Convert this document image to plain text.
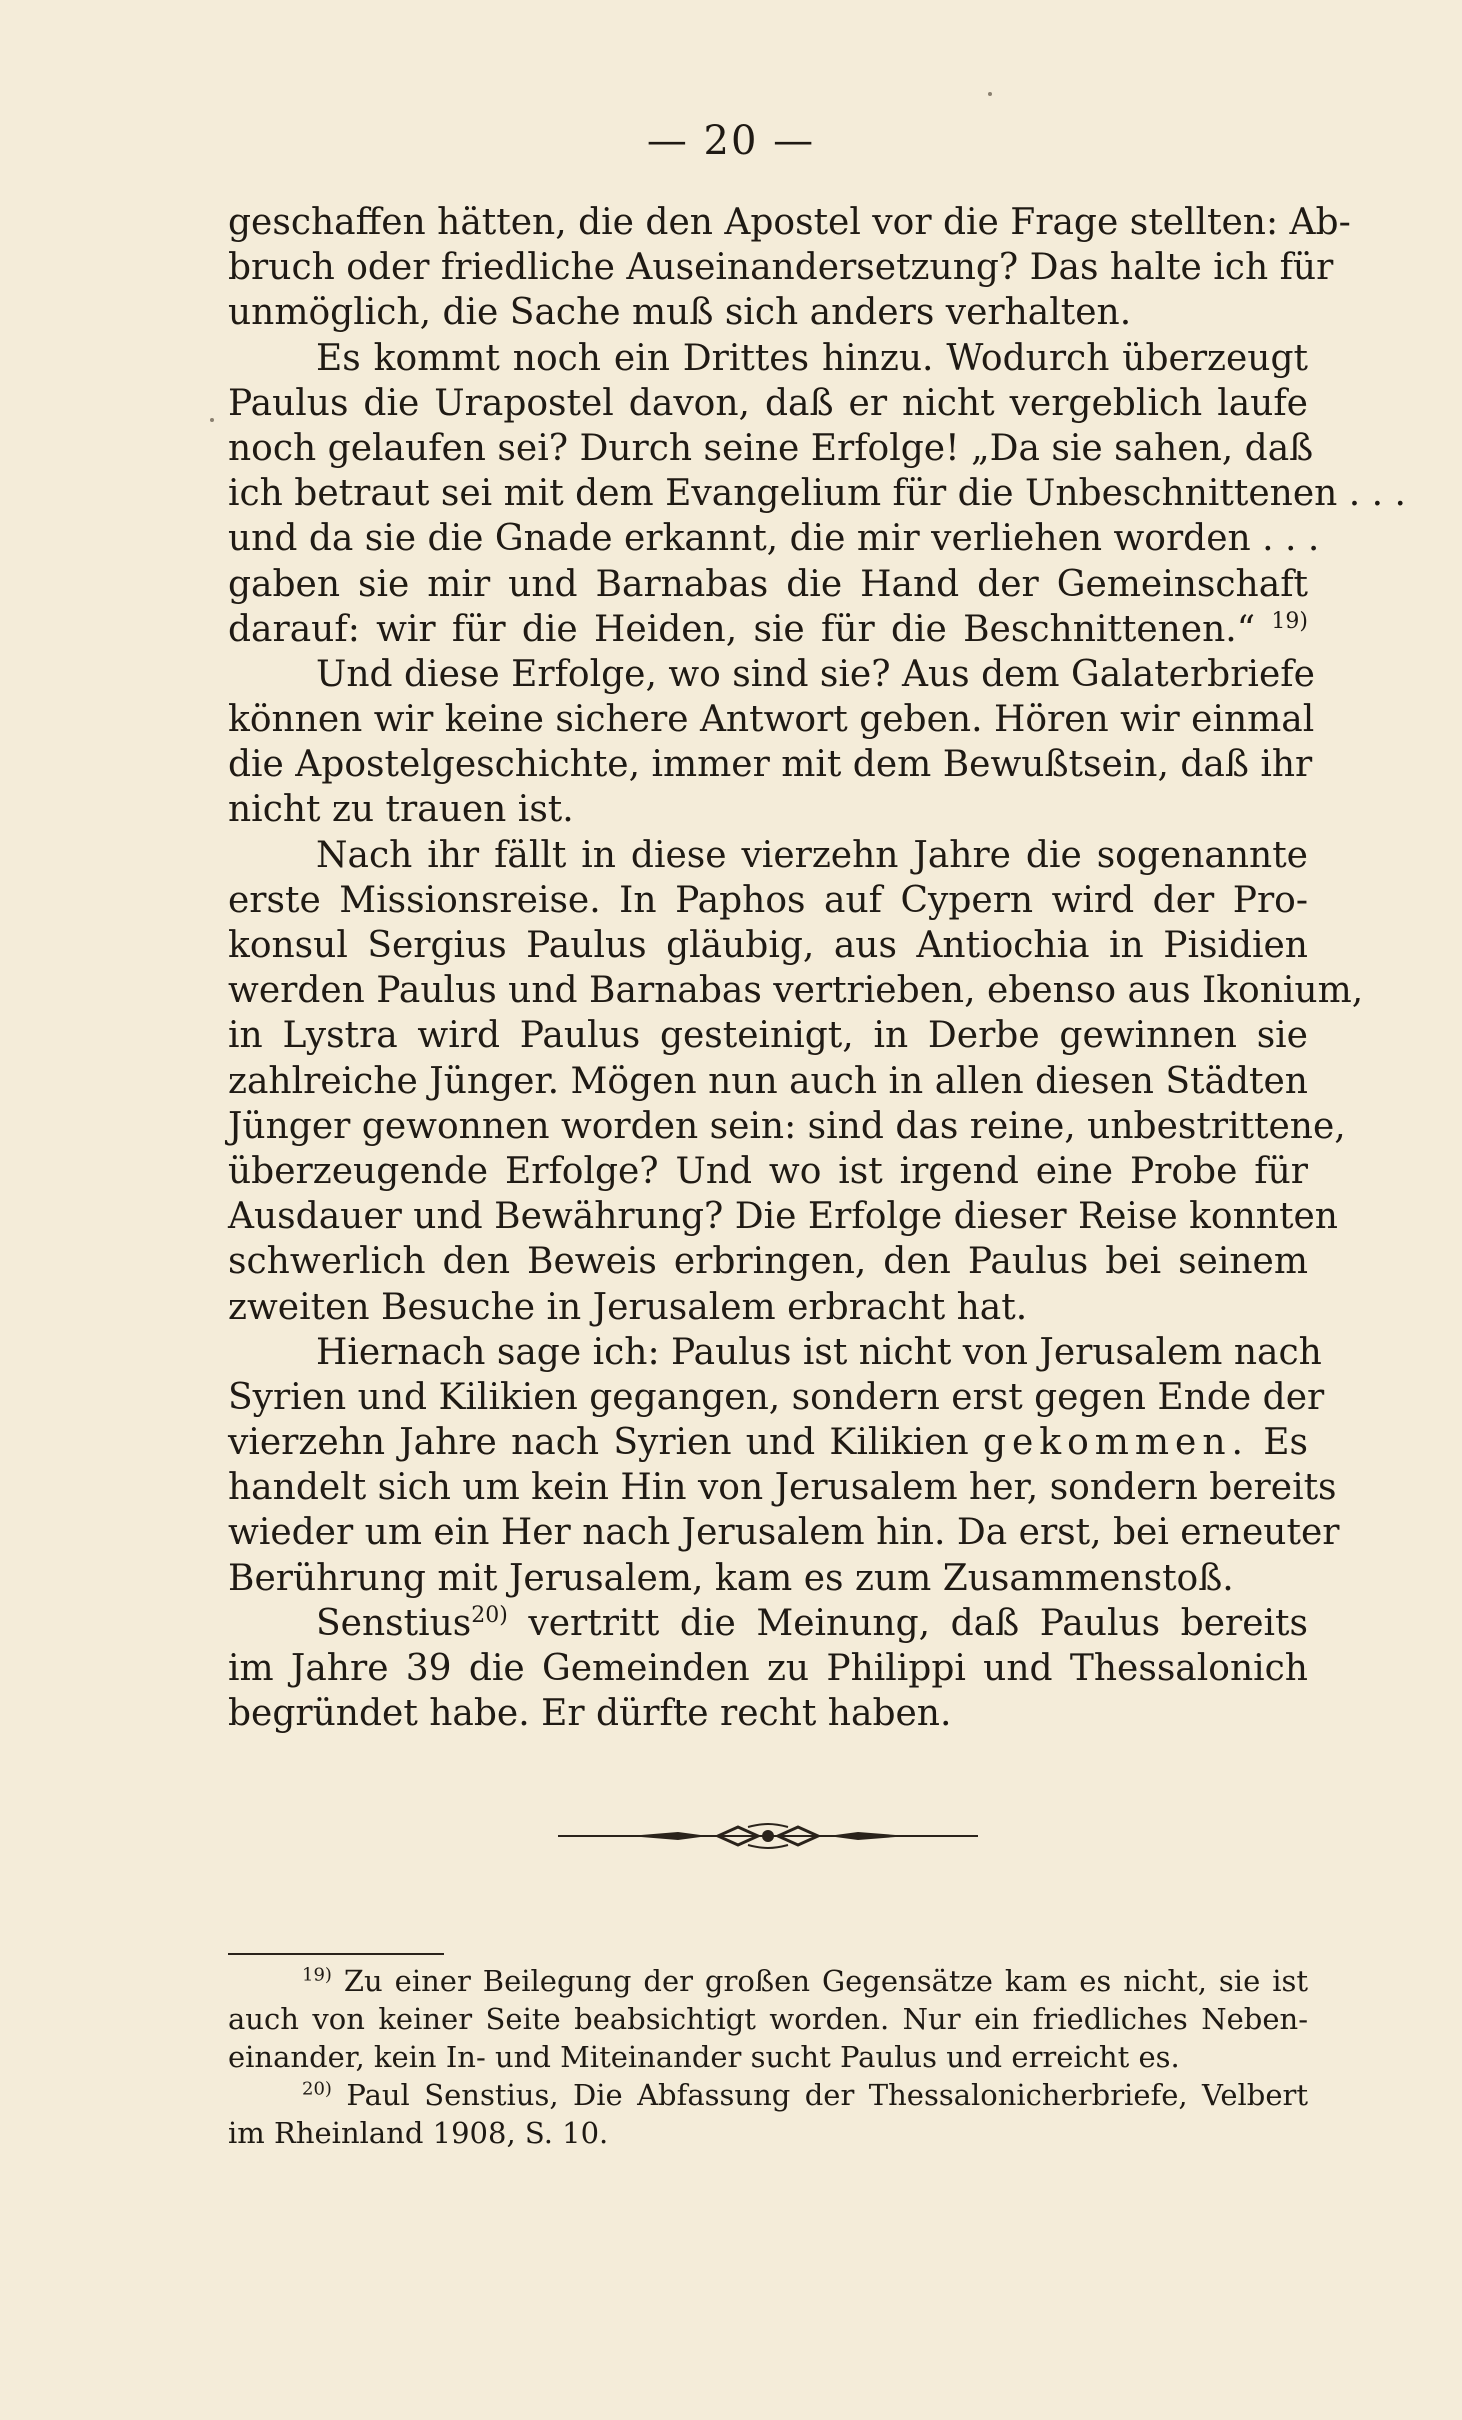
— 20 —
geschaffen hätten, die den Apostel vor die Frage stellten: Ab-
bruch oder friedliche Auseinandersetzung? Das halte ich für
unmöglich, die Sache muß sich anders verhalten.
Es kommt noch ein Drittes hinzu. Wodurch überzeugt
Paulus die Urapostel davon, daß er nicht vergeblich laufe
noch gelaufen sei? Durch seine Erfolge! „Da sie sahen, daß
ich betraut sei mit dem Evangelium für die Unbeschnittenen . . .
und da sie die Gnade erkannt, die mir verliehen worden . . .
gaben sie mir und Barnabas die Hand der Gemeinschaft
darauf: wir für die Heiden, sie für die Beschnittenen.“ $^{19)}$
Und diese Erfolge, wo sind sie? Aus dem Galaterbriefe
können wir keine sichere Antwort geben. Hören wir einmal
die Apostelgeschichte, immer mit dem Bewußtsein, daß ihr
nicht zu trauen ist.
Nach ihr fällt in diese vierzehn Jahre die sogenannte
erste Missionsreise. In Paphos auf Cypern wird der Pro-
konsul Sergius Paulus gläubig, aus Antiochia in Pisidien
werden Paulus und Barnabas vertrieben, ebenso aus Ikonium,
in Lystra wird Paulus gesteinigt, in Derbe gewinnen sie
zahlreiche Jünger. Mögen nun auch in allen diesen Städten
Jünger gewonnen worden sein: sind das reine, unbestrittene,
überzeugende Erfolge? Und wo ist irgend eine Probe für
Ausdauer und Bewährung? Die Erfolge dieser Reise konnten
schwerlich den Beweis erbringen, den Paulus bei seinem
zweiten Besuche in Jerusalem erbracht hat.
Hiernach sage ich: Paulus ist nicht von Jerusalem nach
Syrien und Kilikien gegangen, sondern erst gegen Ende der
vierzehn Jahre nach Syrien und Kilikien gekommen. Es
handelt sich um kein Hin von Jerusalem her, sondern bereits
wieder um ein Her nach Jerusalem hin. Da erst, bei erneuter
Berührung mit Jerusalem, kam es zum Zusammenstoß.
Senstius$^{20)}$ vertritt die Meinung, daß Paulus bereits
im Jahre 39 die Gemeinden zu Philippi und Thessalonich
begründet habe. Er dürfte recht haben.
$^{19)}$ Zu einer Beilegung der großen Gegensätze kam es nicht, sie ist
auch von keiner Seite beabsichtigt worden. Nur ein friedliches Neben-
einander, kein In- und Miteinander sucht Paulus und erreicht es.
$^{20)}$ Paul Senstius, Die Abfassung der Thessalonicherbriefe, Velbert
im Rheinland 1908, S. 10.
